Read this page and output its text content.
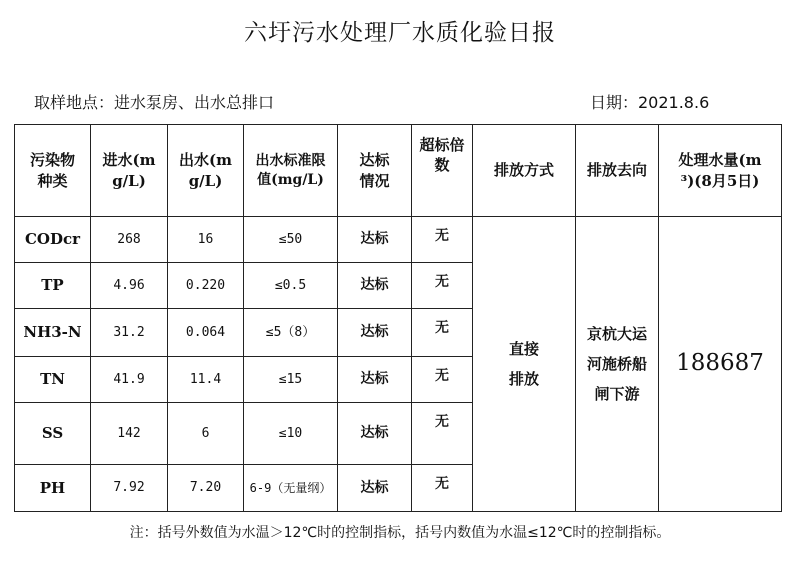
六圩污水处理厂水质化验日报
取样地点：进水泵房、出水总排口	日期：2021.8.6
污染物种类	进水(mg/L)	出水(mg/L)	出水标准限值(mg/L)	达标情况	超标倍数	排放方式	排放去向	处理水量(m³)(8月5日)

CODcr	268	16	≤50	达标	无	直接排放	京杭大运河施桥船闸下游	188687
TP	4.96	0.220	≤0.5	达标	无			
NH3-N	31.2	0.064	≤5（8）	达标	无			
TN	41.9	11.4	≤15	达标	无			
SS	142	6	≤10	达标	无			
PH	7.92	7.20	6-9（无量纲）	达标	无			
注：括号外数值为水温＞12℃时的控制指标，括号内数值为水温≤12℃时的控制指标。
